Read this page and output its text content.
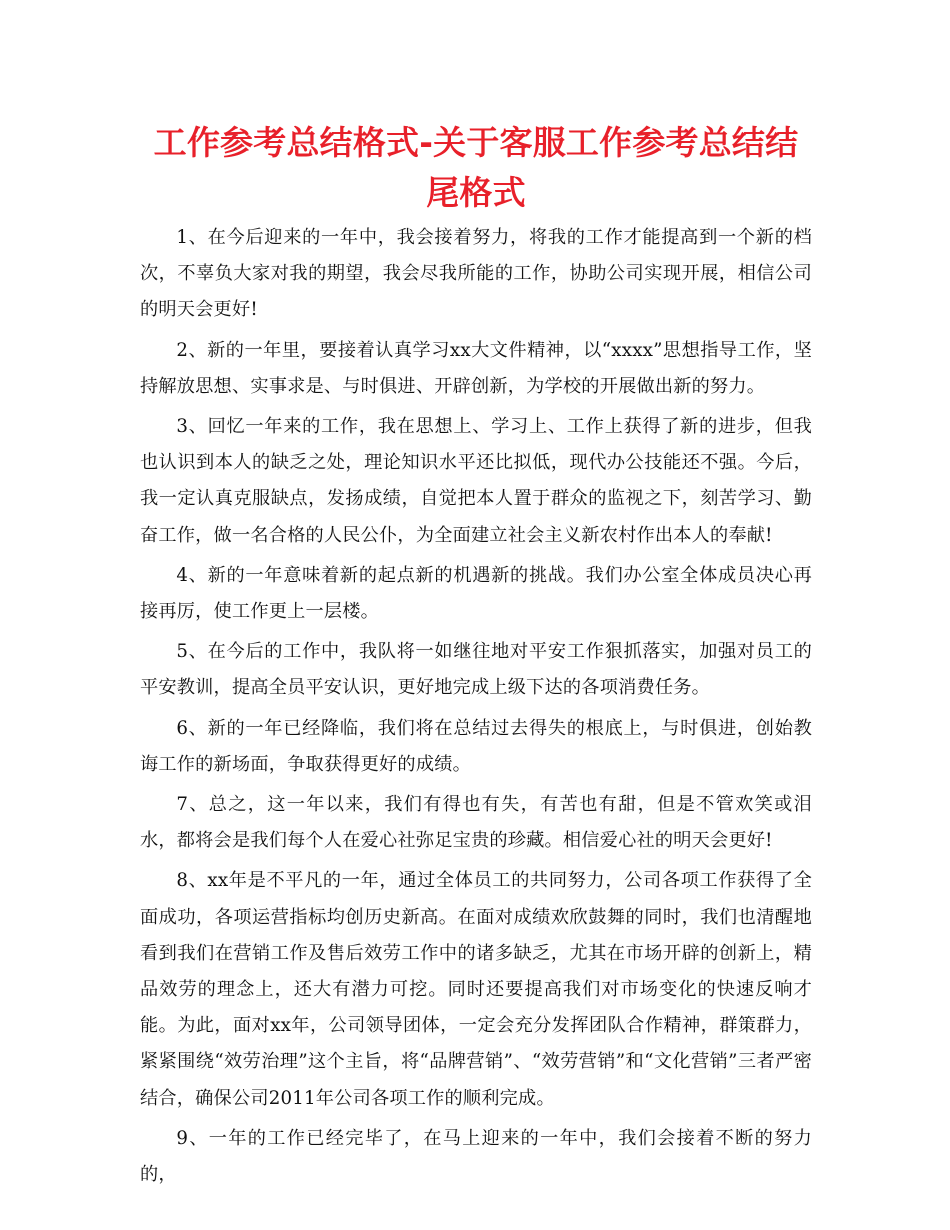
工作参考总结格式-关于客服工作参考总结结尾格式

1、在今后迎来的一年中，我会接着努力，将我的工作才能提高到一个新的档次，不辜负大家对我的期望，我会尽我所能的工作，协助公司实现开展，相信公司的明天会更好!

2、新的一年里，要接着认真学习xx大文件精神，以“xxxx”思想指导工作，坚持解放思想、实事求是、与时俱进、开辟创新，为学校的开展做出新的努力。

3、回忆一年来的工作，我在思想上、学习上、工作上获得了新的进步，但我也认识到本人的缺乏之处，理论知识水平还比拟低，现代办公技能还不强。今后，我一定认真克服缺点，发扬成绩，自觉把本人置于群众的监视之下，刻苦学习、勤奋工作，做一名合格的人民公仆，为全面建立社会主义新农村作出本人的奉献!

4、新的一年意味着新的起点新的机遇新的挑战。我们办公室全体成员决心再接再厉，使工作更上一层楼。

5、在今后的工作中，我队将一如继往地对平安工作狠抓落实，加强对员工的平安教训，提高全员平安认识，更好地完成上级下达的各项消费任务。

6、新的一年已经降临，我们将在总结过去得失的根底上，与时俱进，创始教诲工作的新场面，争取获得更好的成绩。

7、总之，这一年以来，我们有得也有失，有苦也有甜，但是不管欢笑或泪水，都将会是我们每个人在爱心社弥足宝贵的珍藏。相信爱心社的明天会更好!

8、xx年是不平凡的一年，通过全体员工的共同努力，公司各项工作获得了全面成功，各项运营指标均创历史新高。在面对成绩欢欣鼓舞的同时，我们也清醒地看到我们在营销工作及售后效劳工作中的诸多缺乏，尤其在市场开辟的创新上，精品效劳的理念上，还大有潜力可挖。同时还要提高我们对市场变化的快速反响才能。为此，面对xx年，公司领导团体，一定会充分发挥团队合作精神，群策群力，紧紧围绕“效劳治理”这个主旨，将“品牌营销”、“效劳营销”和“文化营销”三者严密结合，确保公司2011年公司各项工作的顺利完成。

9、一年的工作已经完毕了，在马上迎来的一年中，我们会接着不断的努力的，
